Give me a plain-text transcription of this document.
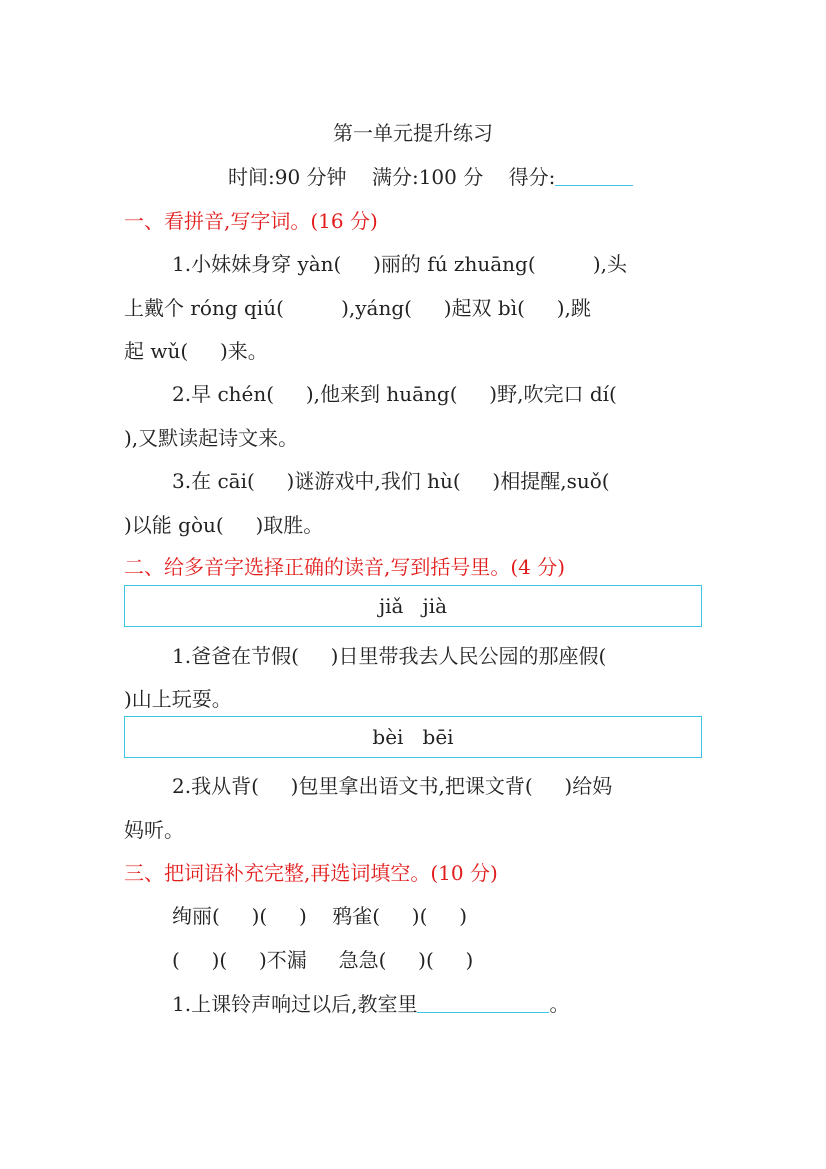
第一单元提升练习
时间:90 分钟    满分:100 分    得分:
一、看拼音,写字词。(16 分)
1.小妹妹身穿 yàn(     )丽的 fú zhuāng(         ),头
上戴个 róng qiú(         ),yáng(     )起双 bì(     ),跳
起 wǔ(     )来。
2.早 chén(     ),他来到 huāng(     )野,吹完口 dí(
),又默读起诗文来。
3.在 cāi(     )谜游戏中,我们 hù(     )相提醒,suǒ(
)以能 gòu(     )取胜。
二、给多音字选择正确的读音,写到括号里。(4 分)
jiǎ   jià
1.爸爸在节假(     )日里带我去人民公园的那座假(
)山上玩耍。
bèi   bēi
2.我从背(     )包里拿出语文书,把课文背(     )给妈
妈听。
三、把词语补充完整,再选词填空。(10 分)
绚丽(     )(     )    鸦雀(     )(     )
(     )(     )不漏     急急(     )(     )
1.上课铃声响过以后,教室里	。
